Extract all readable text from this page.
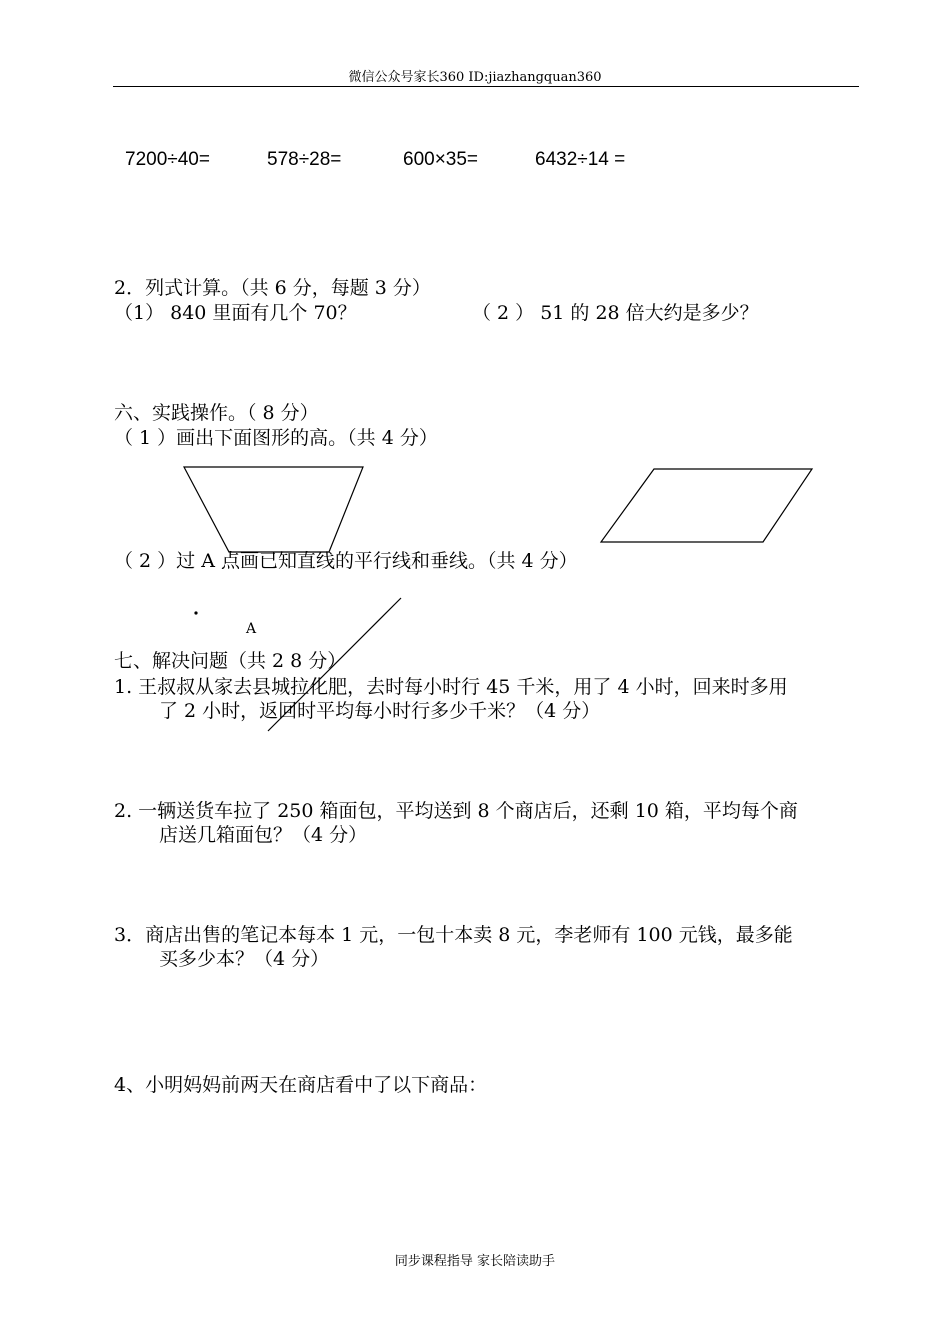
微信公众号家长360 ID:jiazhangquan360
7200÷40=	578÷28=	600×35=	6432÷14 =
2．列式计算。（共 6 分，每题 3 分）
（1） 840 里面有几个 70？	（ 2 ） 51 的 28 倍大约是多少？
六、实践操作。（ 8 分）
（ 1 ）画出下面图形的高。（共 4 分）
（ 2 ）过 A 点画已知直线的平行线和垂线。（共 4 分）
A
七、解决问题（共 2 8 分）
1. 王叔叔从家去县城拉化肥，去时每小时行 45 千米，用了 4 小时，回来时多用
了 2 小时，返回时平均每小时行多少千米？（4 分）
2. 一辆送货车拉了 250 箱面包，平均送到 8 个商店后，还剩 10 箱，平均每个商
店送几箱面包？（4 分）
3．商店出售的笔记本每本 1 元，一包十本卖 8 元，李老师有 100 元钱，最多能
买多少本？（4 分）
4、小明妈妈前两天在商店看中了以下商品：
同步课程指导 家长陪读助手
